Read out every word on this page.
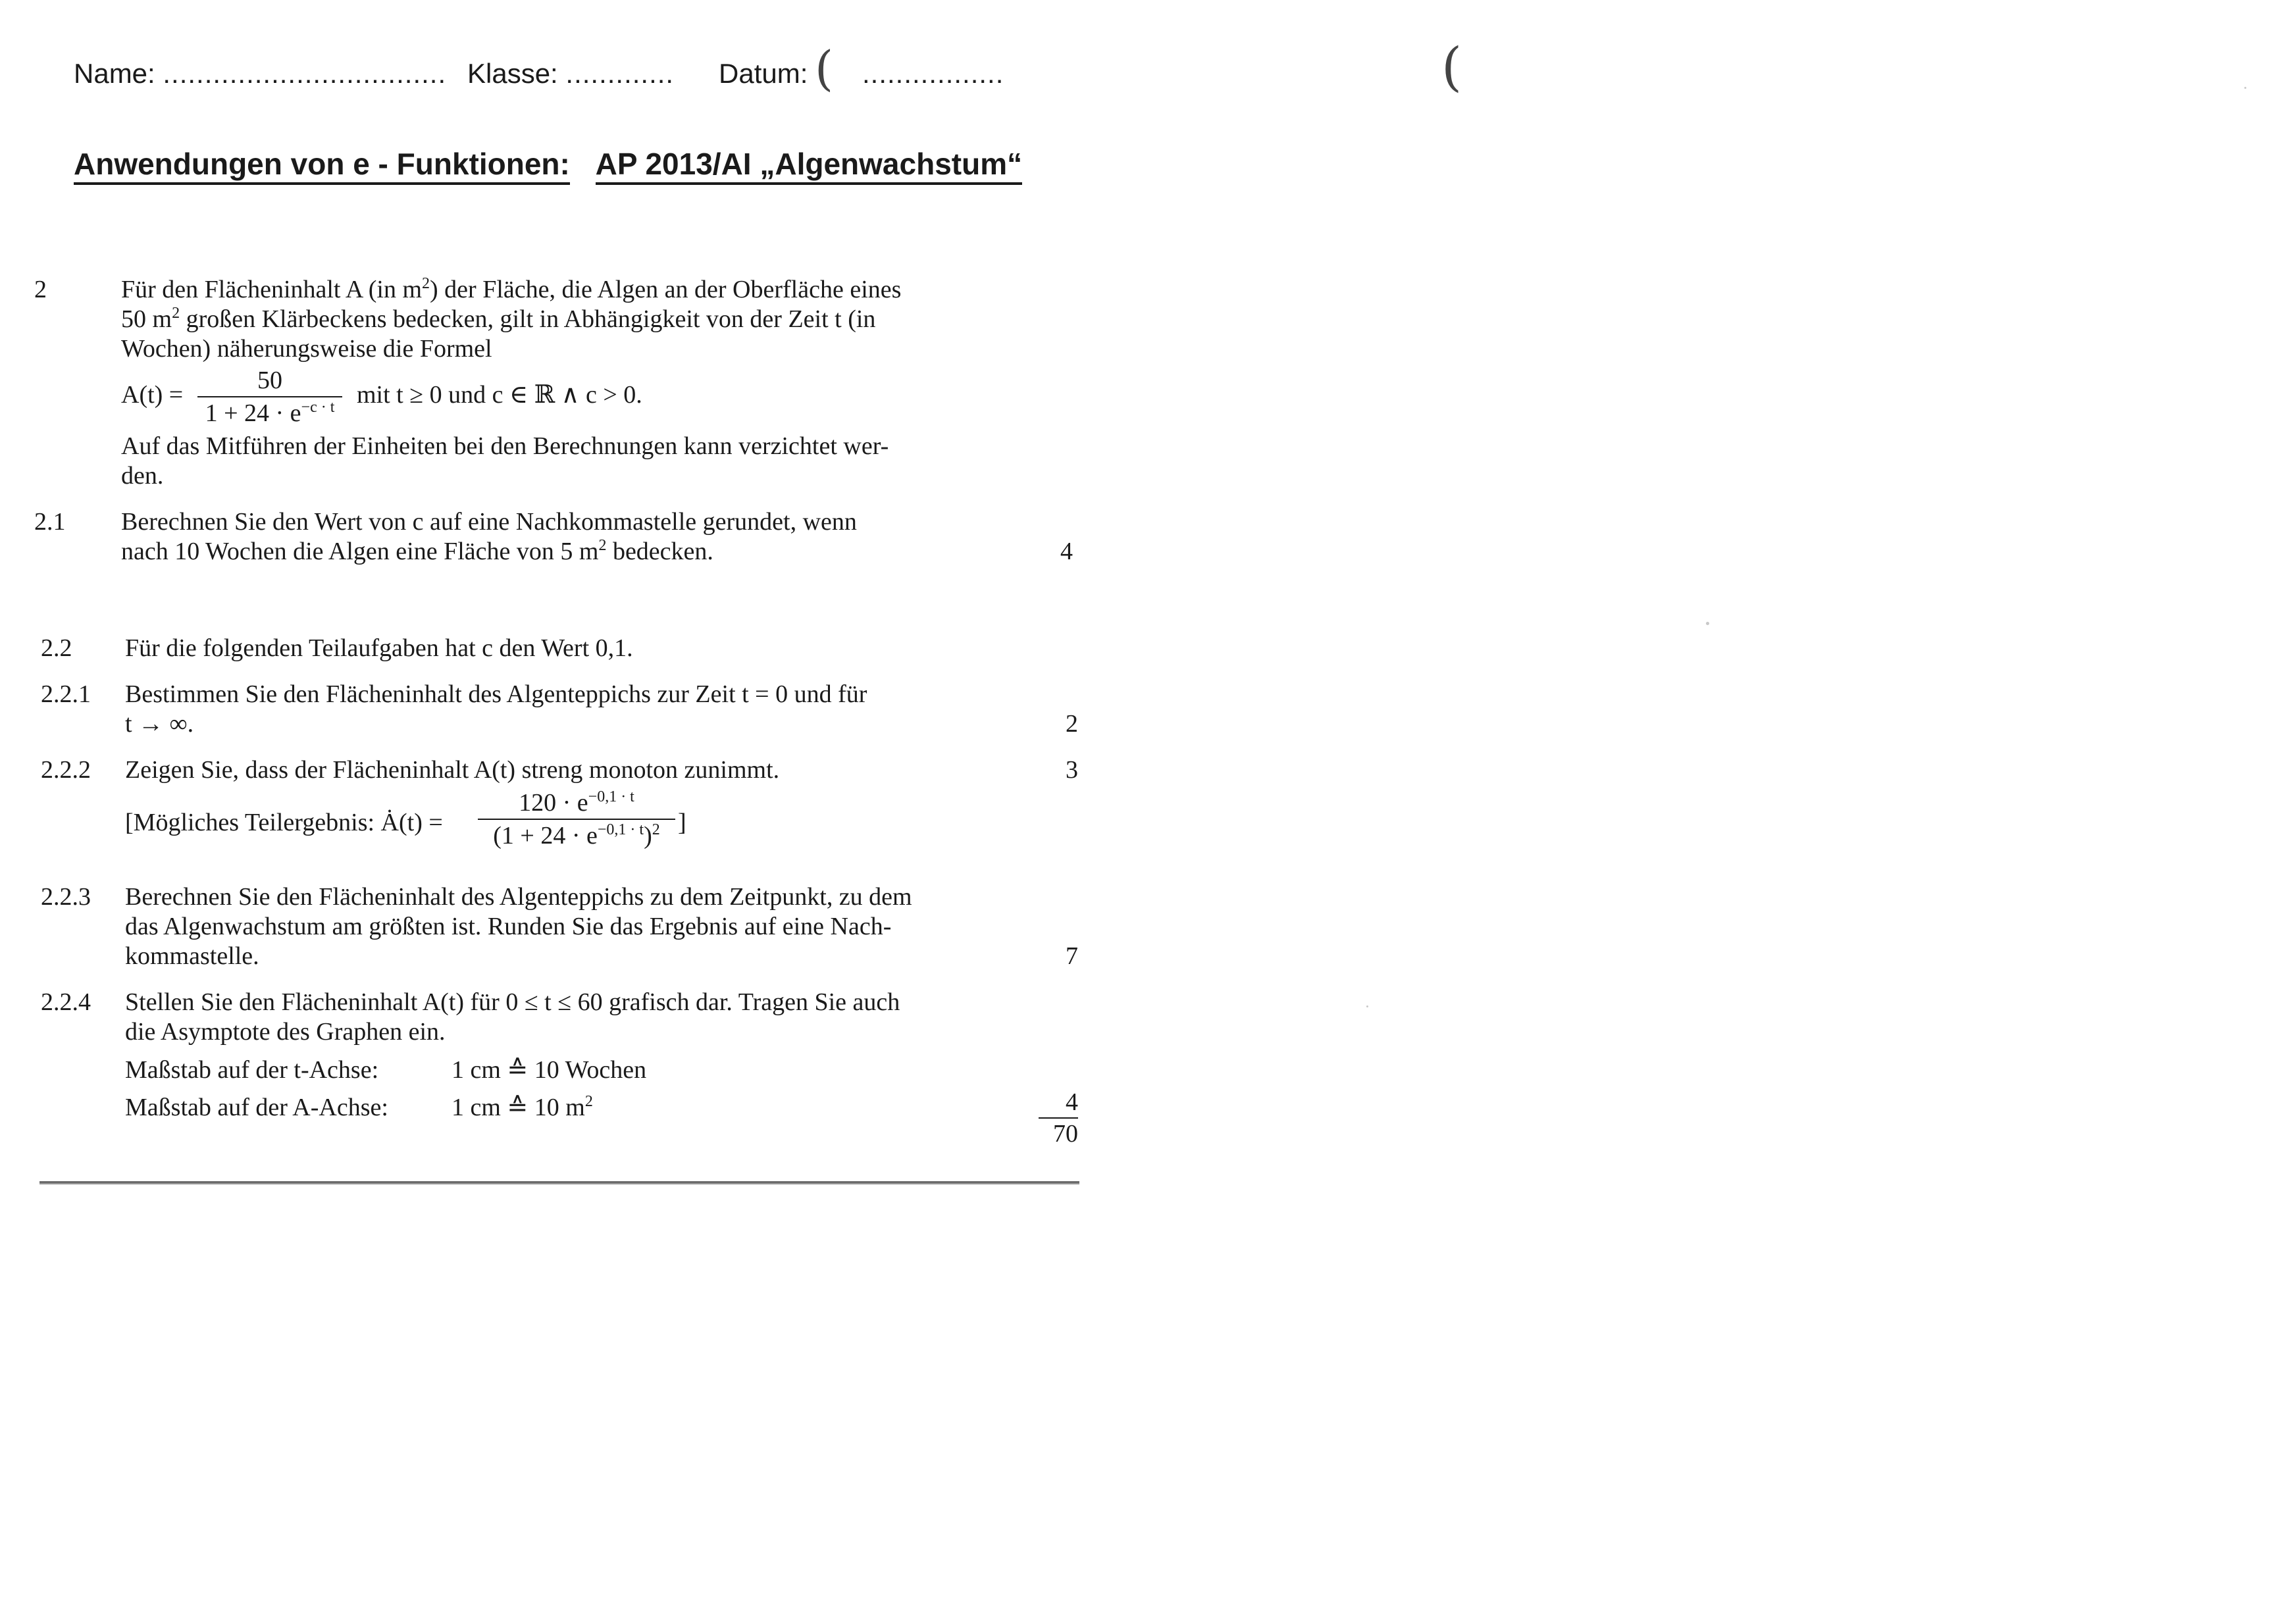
Name: .................................. Klasse: ............. Datum: ( .................	(
Anwendungen von e - Funktionen: AP 2013/AI „Algenwachstum“
2	Für den Flächeninhalt A (in $m^2$) der Fläche, die Algen an der Oberfläche eines
50 $m^2$ großen Klärbeckens bedecken, gilt in Abhängigkeit von der Zeit t (in
Wochen) näherungsweise die Formel
A(t) =
50
$1 + 24 \cdot e^{-c \cdot t}$ mit t ≥ 0 und c ∈ ℝ ∧ c > 0.
Auf das Mitführen der Einheiten bei den Berechnungen kann verzichtet wer-
den.
2.1 Berechnen Sie den Wert von c auf eine Nachkommastelle gerundet, wenn
nach 10 Wochen die Algen eine Fläche von 5 $m^2$ bedecken.	4
2.2 Für die folgenden Teilaufgaben hat c den Wert 0,1.
2.2.1 Bestimmen Sie den Flächeninhalt des Algenteppichs zur Zeit t = 0 und für
t → ∞.	2
2.2.2 Zeigen Sie, dass der Flächeninhalt A(t) streng monoton zunimmt.	3
[Mögliches Teilergebnis: Ȧ(t) =
$120 \cdot e^{-0,1 \cdot t}$
$(1 + 24 \cdot e^{-0,1 \cdot t})^2$ ]
2.2.3 Berechnen Sie den Flächeninhalt des Algenteppichs zu dem Zeitpunkt, zu dem
das Algenwachstum am größten ist. Runden Sie das Ergebnis auf eine Nach-
kommastelle.	7
2.2.4 Stellen Sie den Flächeninhalt A(t) für 0 ≤ t ≤ 60 grafisch dar. Tragen Sie auch
die Asymptote des Graphen ein.
Maßstab auf der t-Achse:	1 cm ≙ 10 Wochen
Maßstab auf der A-Achse:	1 cm ≙ 10 $m^2$	4
70
